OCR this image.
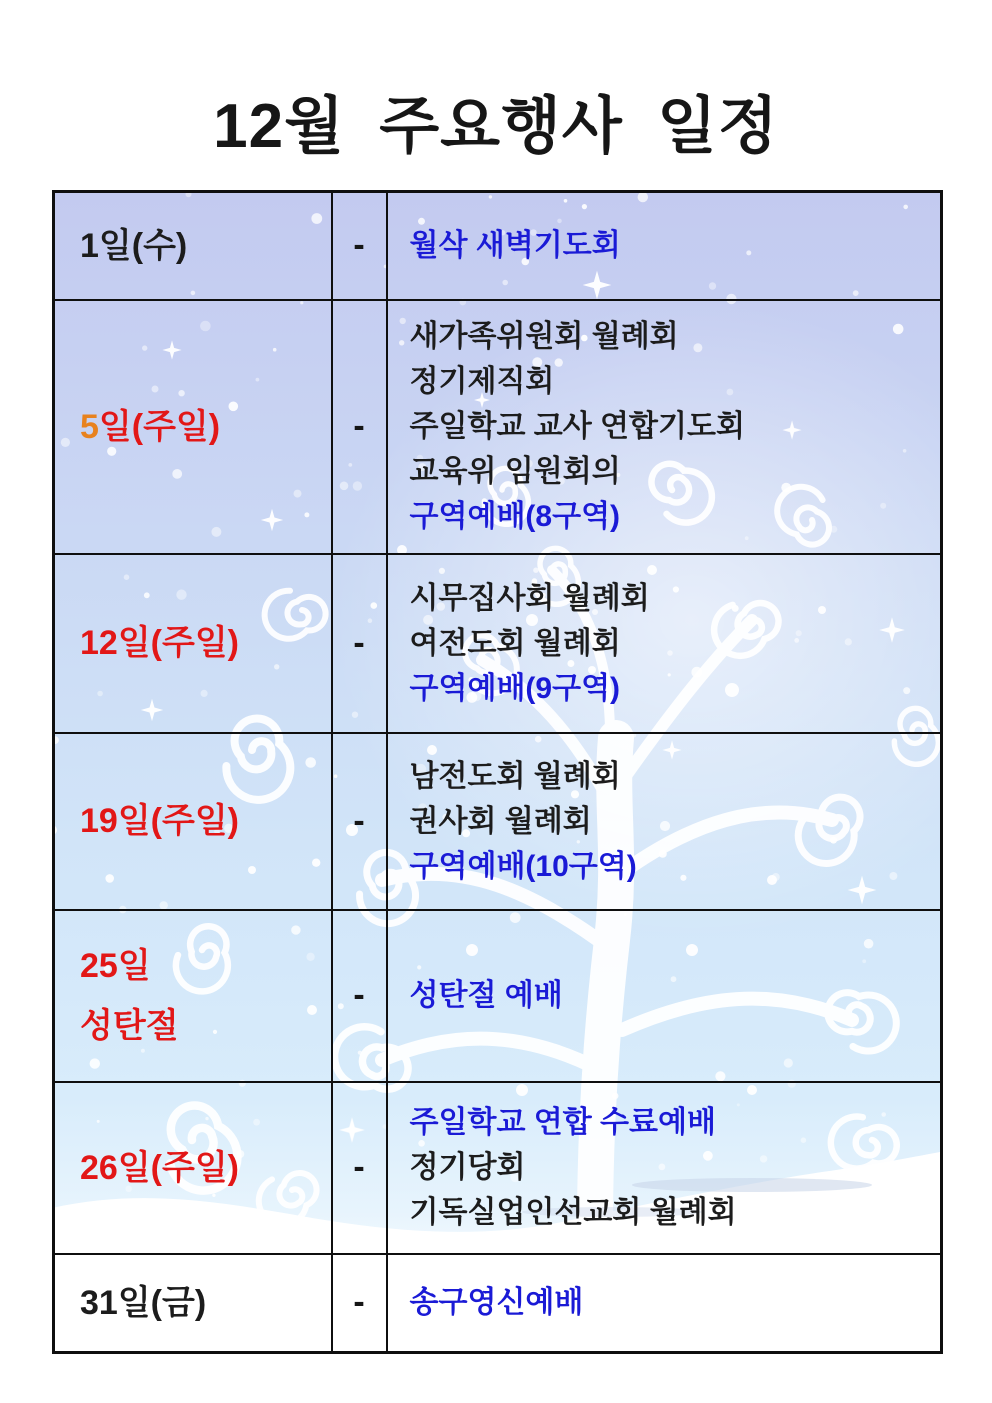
12월 주요행사 일정
1일(수)	-	월삭 새벽기도회

5일(주일)	-	새가족위원회 월례회
정기제직회
주일학교 교사 연합기도회
교육위 임원회의
구역예배(8구역)

12일(주일)	-	시무집사회 월례회
여전도회 월례회
구역예배(9구역)

19일(주일)	-	남전도회 월례회
권사회 월례회
구역예배(10구역)

25일
성탄절	-	성탄절 예배

26일(주일)	-	주일학교 연합 수료예배
정기당회
기독실업인선교회 월례회

31일(금)	-	송구영신예배
